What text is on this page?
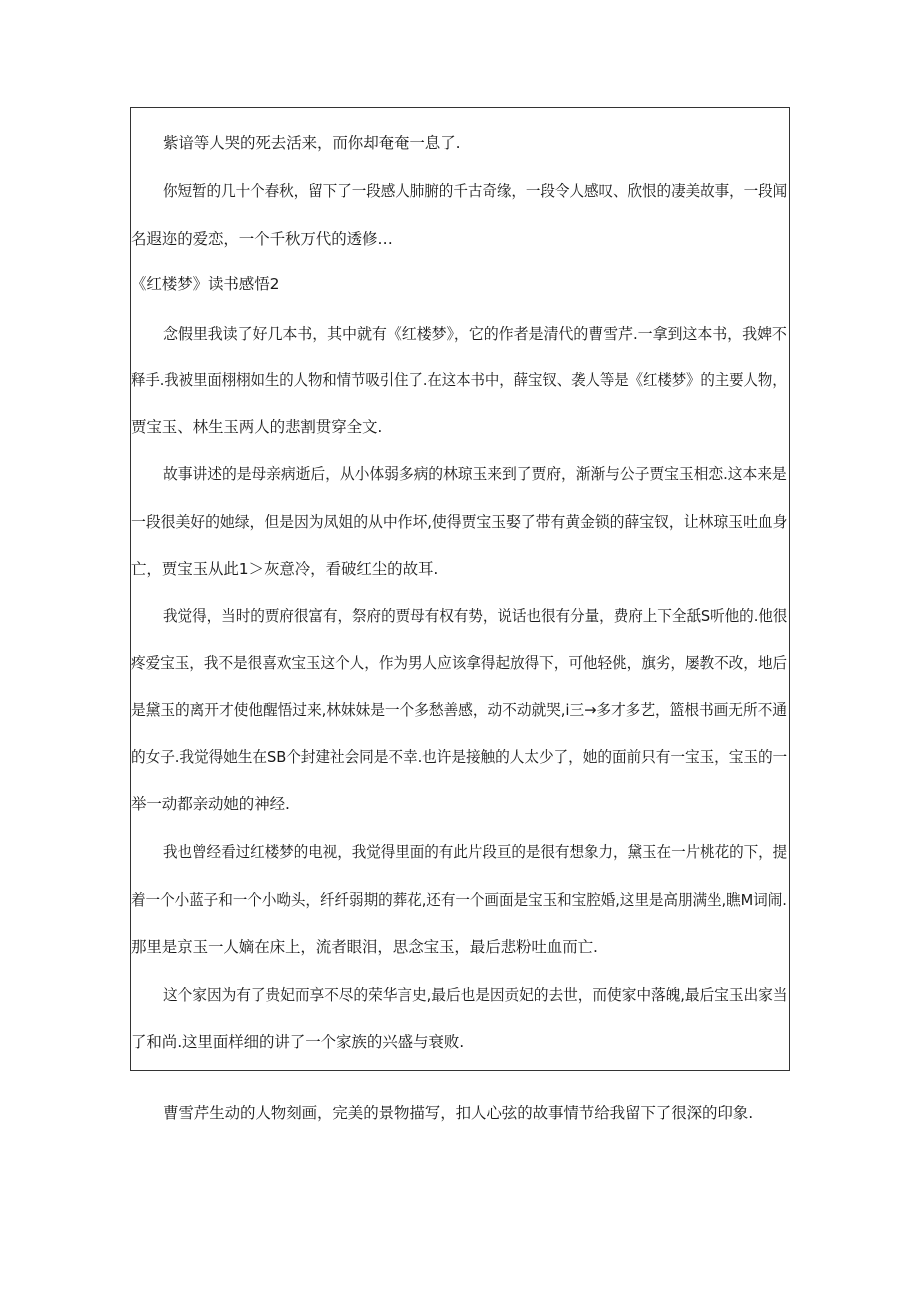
紫谙等人哭的死去活来，而你却奄奄一息了.
你短暂的几十个春秋，留下了一段感人肺腑的千古奇缘，一段令人感叹、欣恨的凄美故事，一段闻
名遐迩的爱恋，一个千秋万代的透修…
《红楼梦》读书感悟2
念假里我读了好几本书，其中就有《红楼梦》，它的作者是清代的曹雪芹.一拿到这本书，我婢不
释手.我被里面栩栩如生的人物和情节吸引住了.在这本书中，薛宝钗、袭人等是《红楼梦》的主要人物，
贾宝玉、林生玉两人的悲割贯穿全文.
故事讲述的是母亲病逝后，从小体弱多病的林琼玉来到了贾府，渐渐与公子贾宝玉相恋.这本来是
一段很美好的她绿，但是因为凤姐的从中作坏,使得贾宝玉娶了带有黄金锁的薛宝钗，让林琼玉吐血身
亡，贾宝玉从此1＞灰意冷，看破红尘的故耳.
我觉得，当时的贾府很富有，祭府的贾母有权有势，说话也很有分量，费府上下全舐S听他的.他很
疼爱宝玉，我不是很喜欢宝玉这个人，作为男人应该拿得起放得下，可他轻佻，旗劣，屡教不改，地后
是黛玉的离开才使他醒悟过来,林妹妹是一个多愁善感，动不动就哭,i三→多才多艺，篮根书画无所不通
的女子.我觉得她生在SB个封建社会同是不幸.也许是接触的人太少了，她的面前只有一宝玉，宝玉的一
举一动都亲动她的神经.
我也曾经看过红楼梦的电视，我觉得里面的有此片段亘的是很有想象力，黛玉在一片桃花的下，提
着一个小蓝子和一个小呦头，纤纤弱期的葬花,还有一个画面是宝玉和宝腔婚,这里是高朋满坐,瞧M词闹.
那里是京玉一人嫡在床上，流者眼泪，思念宝玉，最后悲粉吐血而亡.
这个家因为有了贵妃而享不尽的荣华言史,最后也是因贡妃的去世，而使家中落魄,最后宝玉出家当
了和尚.这里面样细的讲了一个家族的兴盛与衰败.
曹雪芹生动的人物刻画，完美的景物描写，扣人心弦的故事情节给我留下了很深的印象.
